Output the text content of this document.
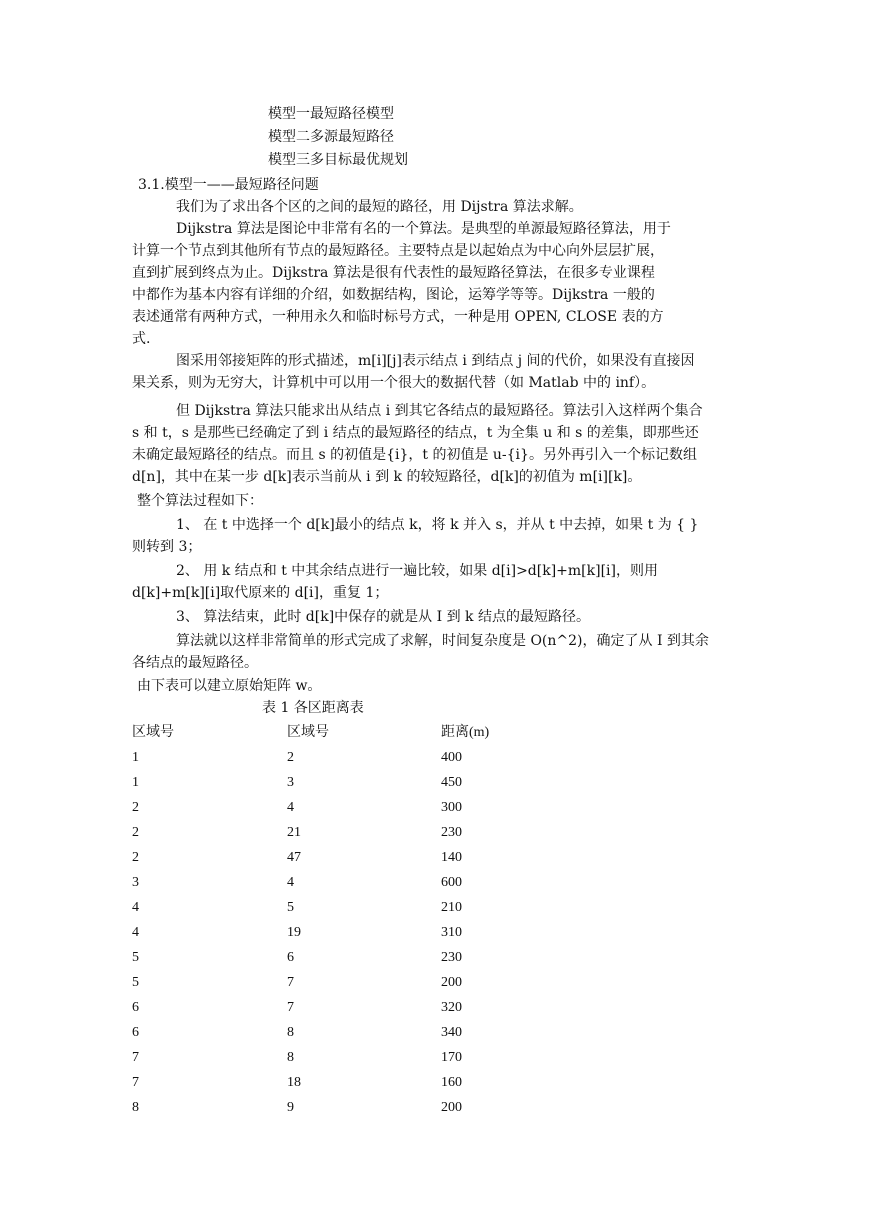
模型一最短路径模型
模型二多源最短路径
模型三多目标最优规划
3.1.模型一——最短路径问题
我们为了求出各个区的之间的最短的路径，用 Dijstra 算法求解。
Dijkstra 算法是图论中非常有名的一个算法。是典型的单源最短路径算法，用于
计算一个节点到其他所有节点的最短路径。主要特点是以起始点为中心向外层层扩展，
直到扩展到终点为止。Dijkstra 算法是很有代表性的最短路径算法，在很多专业课程
中都作为基本内容有详细的介绍，如数据结构，图论，运筹学等等。Dijkstra 一般的
表述通常有两种方式，一种用永久和临时标号方式，一种是用 OPEN, CLOSE 表的方
式.
图采用邻接矩阵的形式描述，m[i][j]表示结点 i 到结点 j 间的代价，如果没有直接因
果关系，则为无穷大，计算机中可以用一个很大的数据代替（如 Matlab 中的 inf）。
但 Dijkstra 算法只能求出从结点 i 到其它各结点的最短路径。算法引入这样两个集合
s 和 t，s 是那些已经确定了到 i 结点的最短路径的结点，t 为全集 u 和 s 的差集，即那些还
未确定最短路径的结点。而且 s 的初值是{i}，t 的初值是 u-{i}。另外再引入一个标记数组
d[n]，其中在某一步 d[k]表示当前从 i 到 k 的较短路径，d[k]的初值为 m[i][k]。
整个算法过程如下：
1、 在 t 中选择一个 d[k]最小的结点 k，将 k 并入 s，并从 t 中去掉，如果 t 为 { }
则转到 3；
2、 用 k 结点和 t 中其余结点进行一遍比较，如果 d[i]>d[k]+m[k][i]，则用
d[k]+m[k][i]取代原来的 d[i]，重复 1；
3、 算法结束，此时 d[k]中保存的就是从 I 到 k 结点的最短路径。
算法就以这样非常简单的形式完成了求解，时间复杂度是 O(n^2)，确定了从 I 到其余
各结点的最短路径。
由下表可以建立原始矩阵 w。
表 1 各区距离表
区域号	区域号	距离(m)
1	2	400
1	3	450
2	4	300
2	21	230
2	47	140
3	4	600
4	5	210
4	19	310
5	6	230
5	7	200
6	7	320
6	8	340
7	8	170
7	18	160
8	9	200
